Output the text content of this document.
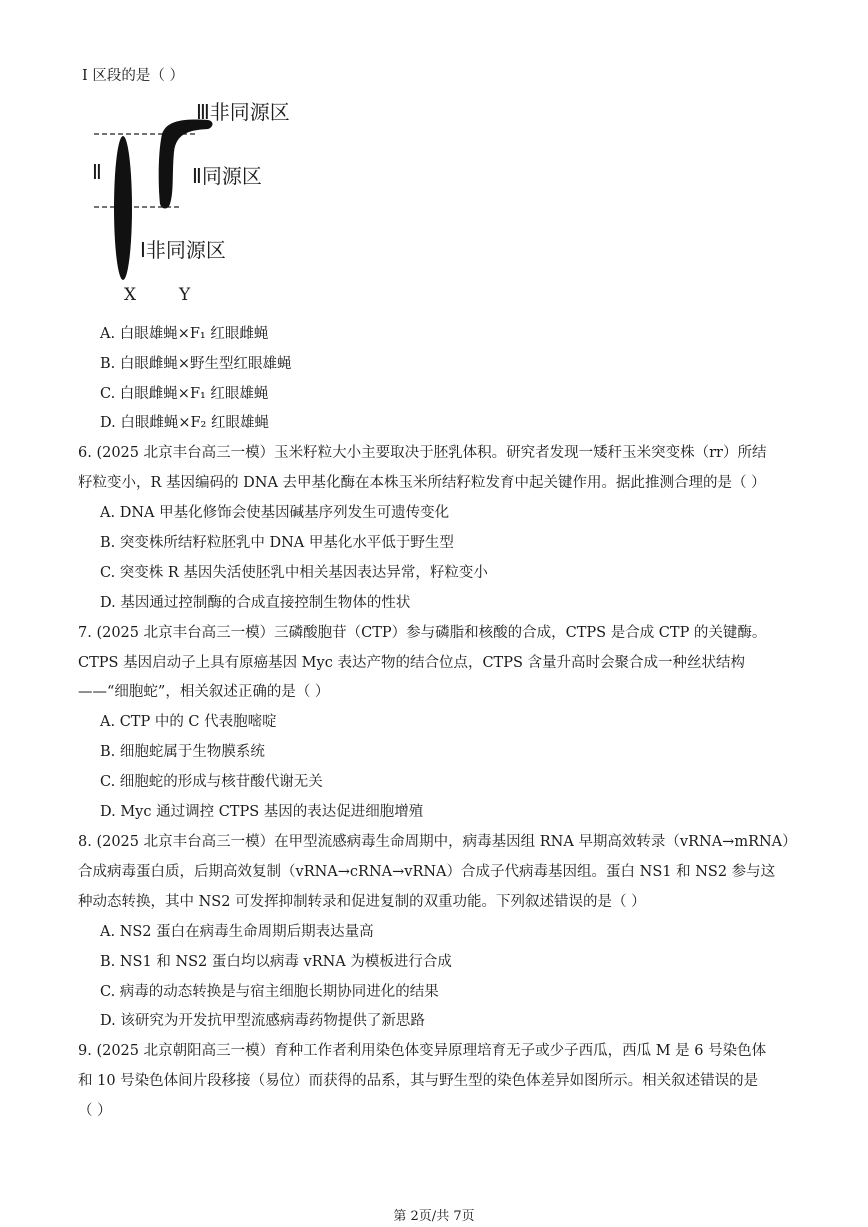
I 区段的是（ ）
Ⅲ非同源区
Ⅱ	Ⅱ同源区
Ⅰ非同源区
X	Y
A. 白眼雄蝇×F₁ 红眼雌蝇
B. 白眼雌蝇×野生型红眼雄蝇
C. 白眼雌蝇×F₁ 红眼雄蝇
D. 白眼雌蝇×F₂ 红眼雄蝇
6. (2025 北京丰台高三一模）玉米籽粒大小主要取决于胚乳体积。研究者发现一矮秆玉米突变株（rr）所结
籽粒变小，R 基因编码的 DNA 去甲基化酶在本株玉米所结籽粒发育中起关键作用。据此推测合理的是（ ）
A. DNA 甲基化修饰会使基因碱基序列发生可遗传变化
B. 突变株所结籽粒胚乳中 DNA 甲基化水平低于野生型
C. 突变株 R 基因失活使胚乳中相关基因表达异常，籽粒变小
D. 基因通过控制酶的合成直接控制生物体的性状
7. (2025 北京丰台高三一模）三磷酸胞苷（CTP）参与磷脂和核酸的合成，CTPS 是合成 CTP 的关键酶。
CTPS 基因启动子上具有原癌基因 Myc 表达产物的结合位点，CTPS 含量升高时会聚合成一种丝状结构
——“细胞蛇”，相关叙述正确的是（ ）
A. CTP 中的 C 代表胞嘧啶
B. 细胞蛇属于生物膜系统
C. 细胞蛇的形成与核苷酸代谢无关
D. Myc 通过调控 CTPS 基因的表达促进细胞增殖
8. (2025 北京丰台高三一模）在甲型流感病毒生命周期中，病毒基因组 RNA 早期高效转录（vRNA→mRNA）
合成病毒蛋白质，后期高效复制（vRNA→cRNA→vRNA）合成子代病毒基因组。蛋白 NS1 和 NS2 参与这
种动态转换，其中 NS2 可发挥抑制转录和促进复制的双重功能。下列叙述错误的是（ ）
A. NS2 蛋白在病毒生命周期后期表达量高
B. NS1 和 NS2 蛋白均以病毒 vRNA 为模板进行合成
C. 病毒的动态转换是与宿主细胞长期协同进化的结果
D. 该研究为开发抗甲型流感病毒药物提供了新思路
9. (2025 北京朝阳高三一模）育种工作者利用染色体变异原理培育无子或少子西瓜，西瓜 M 是 6 号染色体
和 10 号染色体间片段移接（易位）而获得的品系，其与野生型的染色体差异如图所示。相关叙述错误的是
（ ）
第 2页/共 7页
